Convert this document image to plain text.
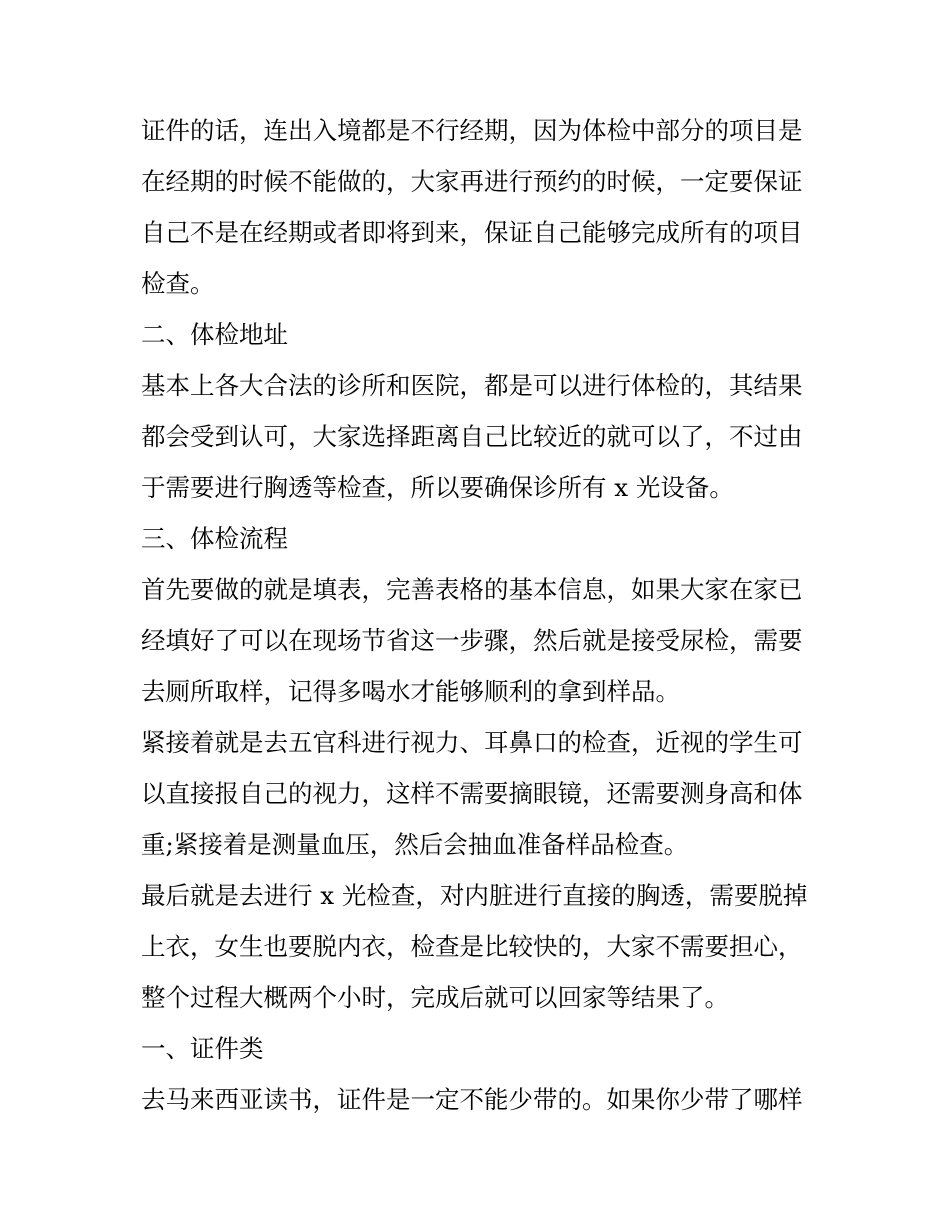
证件的话，连出入境都是不行经期，因为体检中部分的项目是
在经期的时候不能做的，大家再进行预约的时候，一定要保证
自己不是在经期或者即将到来，保证自己能够完成所有的项目
检查。
二、体检地址
基本上各大合法的诊所和医院，都是可以进行体检的，其结果
都会受到认可，大家选择距离自己比较近的就可以了，不过由
于需要进行胸透等检查，所以要确保诊所有 x 光设备。
三、体检流程
首先要做的就是填表，完善表格的基本信息，如果大家在家已
经填好了可以在现场节省这一步骤，然后就是接受尿检，需要
去厕所取样，记得多喝水才能够顺利的拿到样品。
紧接着就是去五官科进行视力、耳鼻口的检查，近视的学生可
以直接报自己的视力，这样不需要摘眼镜，还需要测身高和体
重;紧接着是测量血压，然后会抽血准备样品检查。
最后就是去进行 x 光检查，对内脏进行直接的胸透，需要脱掉
上衣，女生也要脱内衣，检查是比较快的，大家不需要担心，
整个过程大概两个小时，完成后就可以回家等结果了。
一、证件类
去马来西亚读书，证件是一定不能少带的。如果你少带了哪样
